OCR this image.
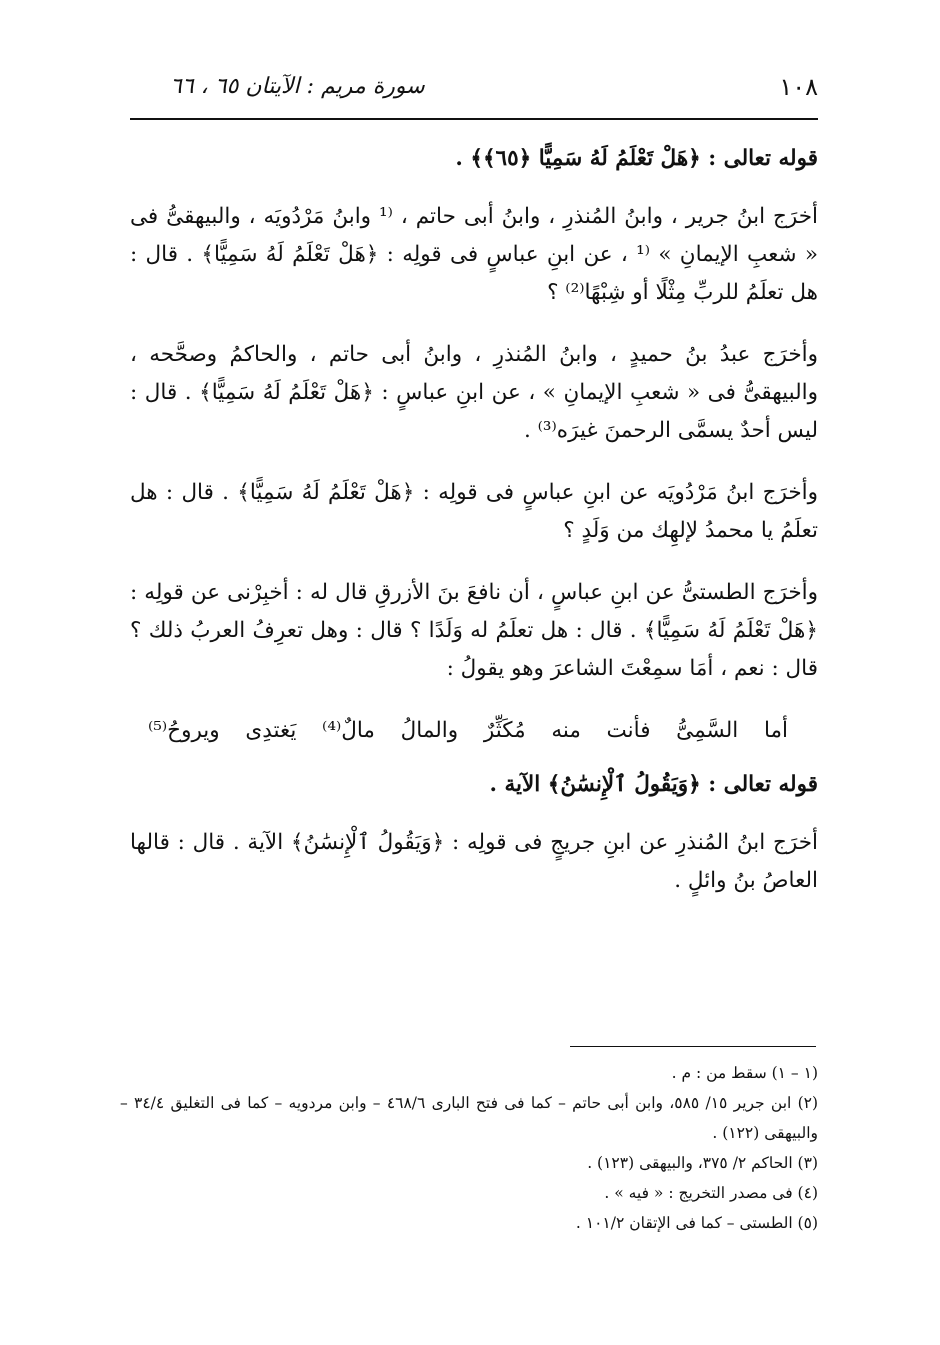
١٠٨
سورة مريم : الآيتان ٦٥ ، ٦٦

قوله تعالى : ﴿هَلْ تَعْلَمُ لَهُ سَمِيًّا ﴿٦٥﴾﴾ .

أخرَج ابنُ جرير ، وابنُ المُنذرِ ، وابنُ أبى حاتم ، ⁽¹ وابنُ مَرْدُويَه ، والبيهقىُّ فى « شعبِ الإيمانِ » ⁽¹ ، عن ابنِ عباسٍ فى قولِه : ﴿هَلْ تَعْلَمُ لَهُ سَمِيًّا﴾ . قال : هل تعلَمُ للربِّ مِثْلًا أو شِبْهًا⁽²⁾ ؟

وأخرَج عبدُ بنُ حميدٍ ، وابنُ المُنذرِ ، وابنُ أبى حاتم ، والحاكمُ وصحَّحه ، والبيهقىُّ فى « شعبِ الإيمانِ » ، عن ابنِ عباسٍ : ﴿هَلْ تَعْلَمُ لَهُ سَمِيًّا﴾ . قال : ليس أحدٌ يسمَّى الرحمنَ غيرَه⁽³⁾ .

وأخرَج ابنُ مَرْدُويَه عن ابنِ عباسٍ فى قولِه : ﴿هَلْ تَعْلَمُ لَهُ سَمِيًّا﴾ . قال : هل تعلَمُ يا محمدُ لإلهِك من وَلَدٍ ؟

وأخرَج الطستىُّ عن ابنِ عباسٍ ، أن نافعَ بنَ الأزرقِ قال له : أخبِرْنى عن قولِه : ﴿هَلْ تَعْلَمُ لَهُ سَمِيًّا﴾ . قال : هل تعلَمُ له وَلَدًا ؟ قال : وهل تعرِفُ العربُ ذلك ؟ قال : نعم ، أمَا سمِعْتَ الشاعرَ وهو يقولُ :

أما السَّمِىُّ فأنت منه مُكَثِّرٌ والمالُ مالٌ⁽⁴⁾ يَغتدِى ويروحُ⁽⁵⁾

قوله تعالى : ﴿وَيَقُولُ ٱلْإِنسَٰنُ﴾ الآية .

أخرَج ابنُ المُنذرِ عن ابنِ جريجٍ فى قولِه : ﴿وَيَقُولُ ٱلْإِنسَٰنُ﴾ الآية . قال : قالها العاصُ بنُ وائلٍ .

(١ – ١) سقط من : م .
(٢) ابن جرير ١٥/ ٥٨٥، وابن أبى حاتم – كما فى فتح البارى ٤٦٨/٦ – وابن مردويه – كما فى التغليق ٣٤/٤ – والبيهقى (١٢٢) .
(٣) الحاكم ٢/ ٣٧٥، والبيهقى (١٢٣) .
(٤) فى مصدر التخريج : « فيه » .
(٥) الطستى – كما فى الإتقان ١٠١/٢ .
